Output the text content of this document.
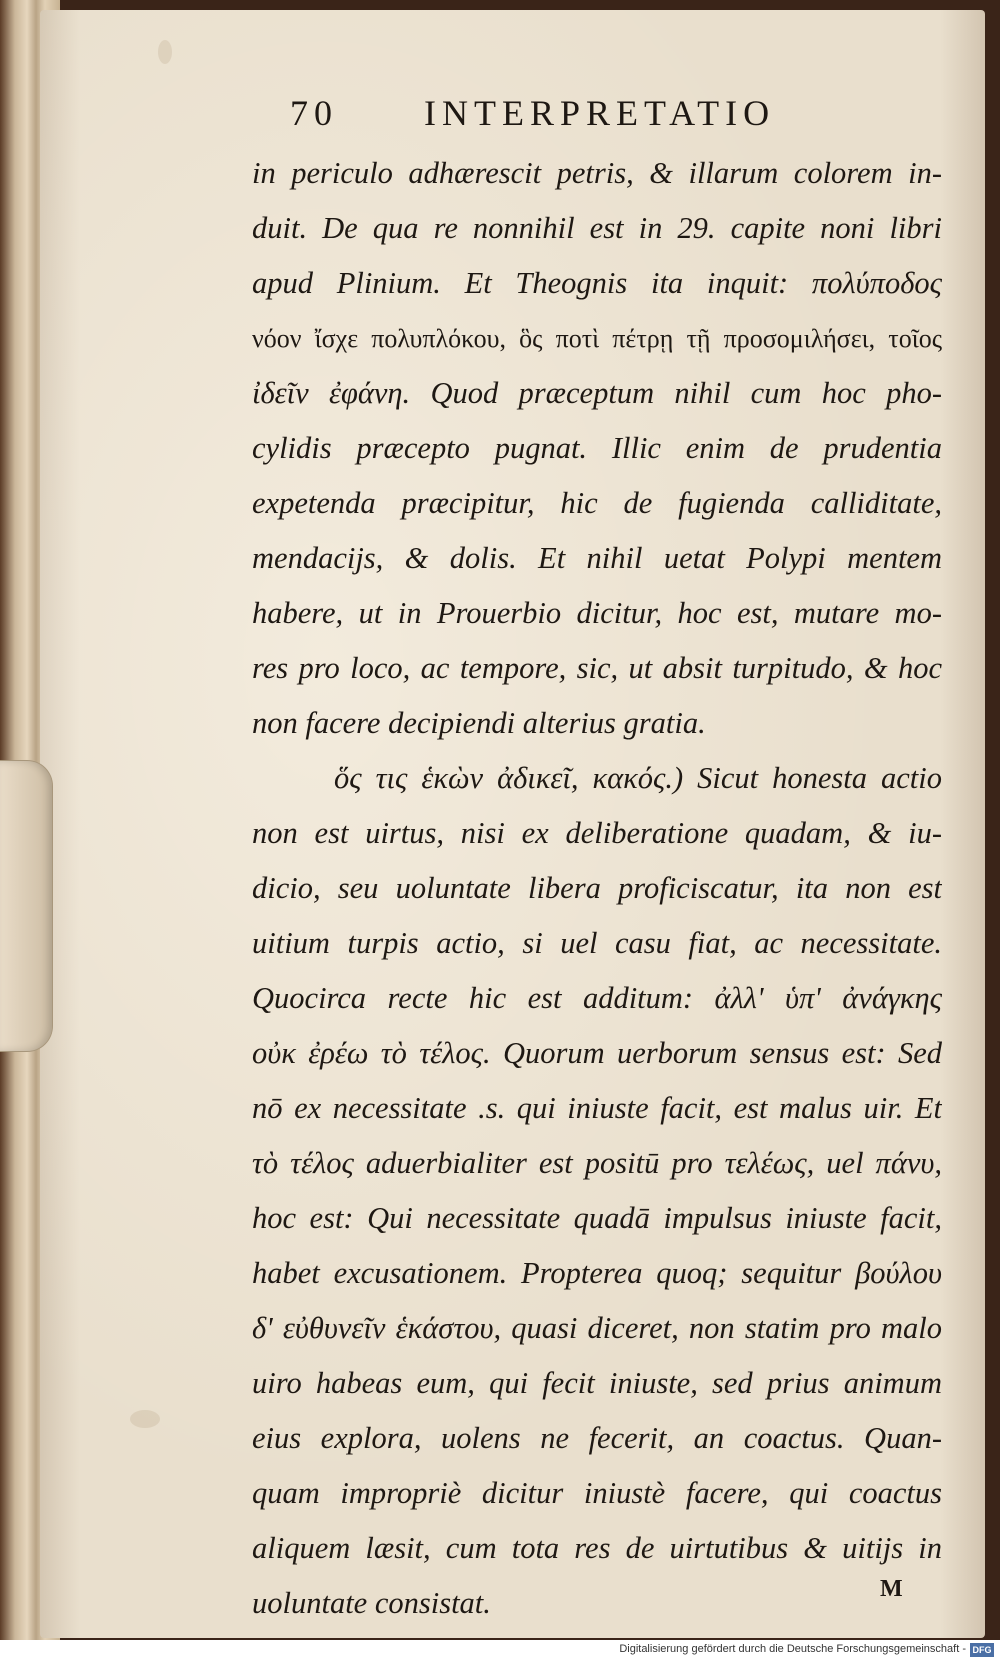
70 INTERPRETATIO
in periculo adhærescit petris, & illarum colorem in-
duit. De qua re nonnihil est in 29. capite noni libri
apud Plinium. Et Theognis ita inquit: πολύποδος
νόον ἴσχε πολυπλόκου, ὃς ποτὶ πέτρῃ τῇ προσομιλήσει, τοῖος
ἰδεῖν ἐφάνη. Quod præceptum nihil cum hoc pho-
cylidis præcepto pugnat. Illic enim de prudentia
expetenda præcipitur, hic de fugienda calliditate,
mendacijs, & dolis. Et nihil uetat Polypi mentem
habere, ut in Prouerbio dicitur, hoc est, mutare mo-
res pro loco, ac tempore, sic, ut absit turpitudo, & hoc
non facere decipiendi alterius gratia.
ὅς τις ἑκὼν ἀδικεῖ, κακός.) Sicut honesta actio
non est uirtus, nisi ex deliberatione quadam, & iu-
dicio, seu uoluntate libera proficiscatur, ita non est
uitium turpis actio, si uel casu fiat, ac necessitate.
Quocirca recte hic est additum: ἀλλ' ὑπ' ἀνάγκης
οὐκ ἐρέω τὸ τέλος. Quorum uerborum sensus est: Sed
nō ex necessitate .s. qui iniuste facit, est malus uir. Et
τὸ τέλος aduerbialiter est positū pro τελέως, uel πάνυ,
hoc est: Qui necessitate quadā impulsus iniuste facit,
habet excusationem. Propterea quoq; sequitur βούλου
δ' εὐθυνεῖν ἑκάστου, quasi diceret, non statim pro malo
uiro habeas eum, qui fecit iniuste, sed prius animum
eius explora, uolens ne fecerit, an coactus. Quan-
quam impropriè dicitur iniustè facere, qui coactus
aliquem læsit, cum tota res de uirtutibus & uitijs in
uoluntate consistat.	M
Digitalisierung gefördert durch die Deutsche Forschungsgemeinschaft - DFG
